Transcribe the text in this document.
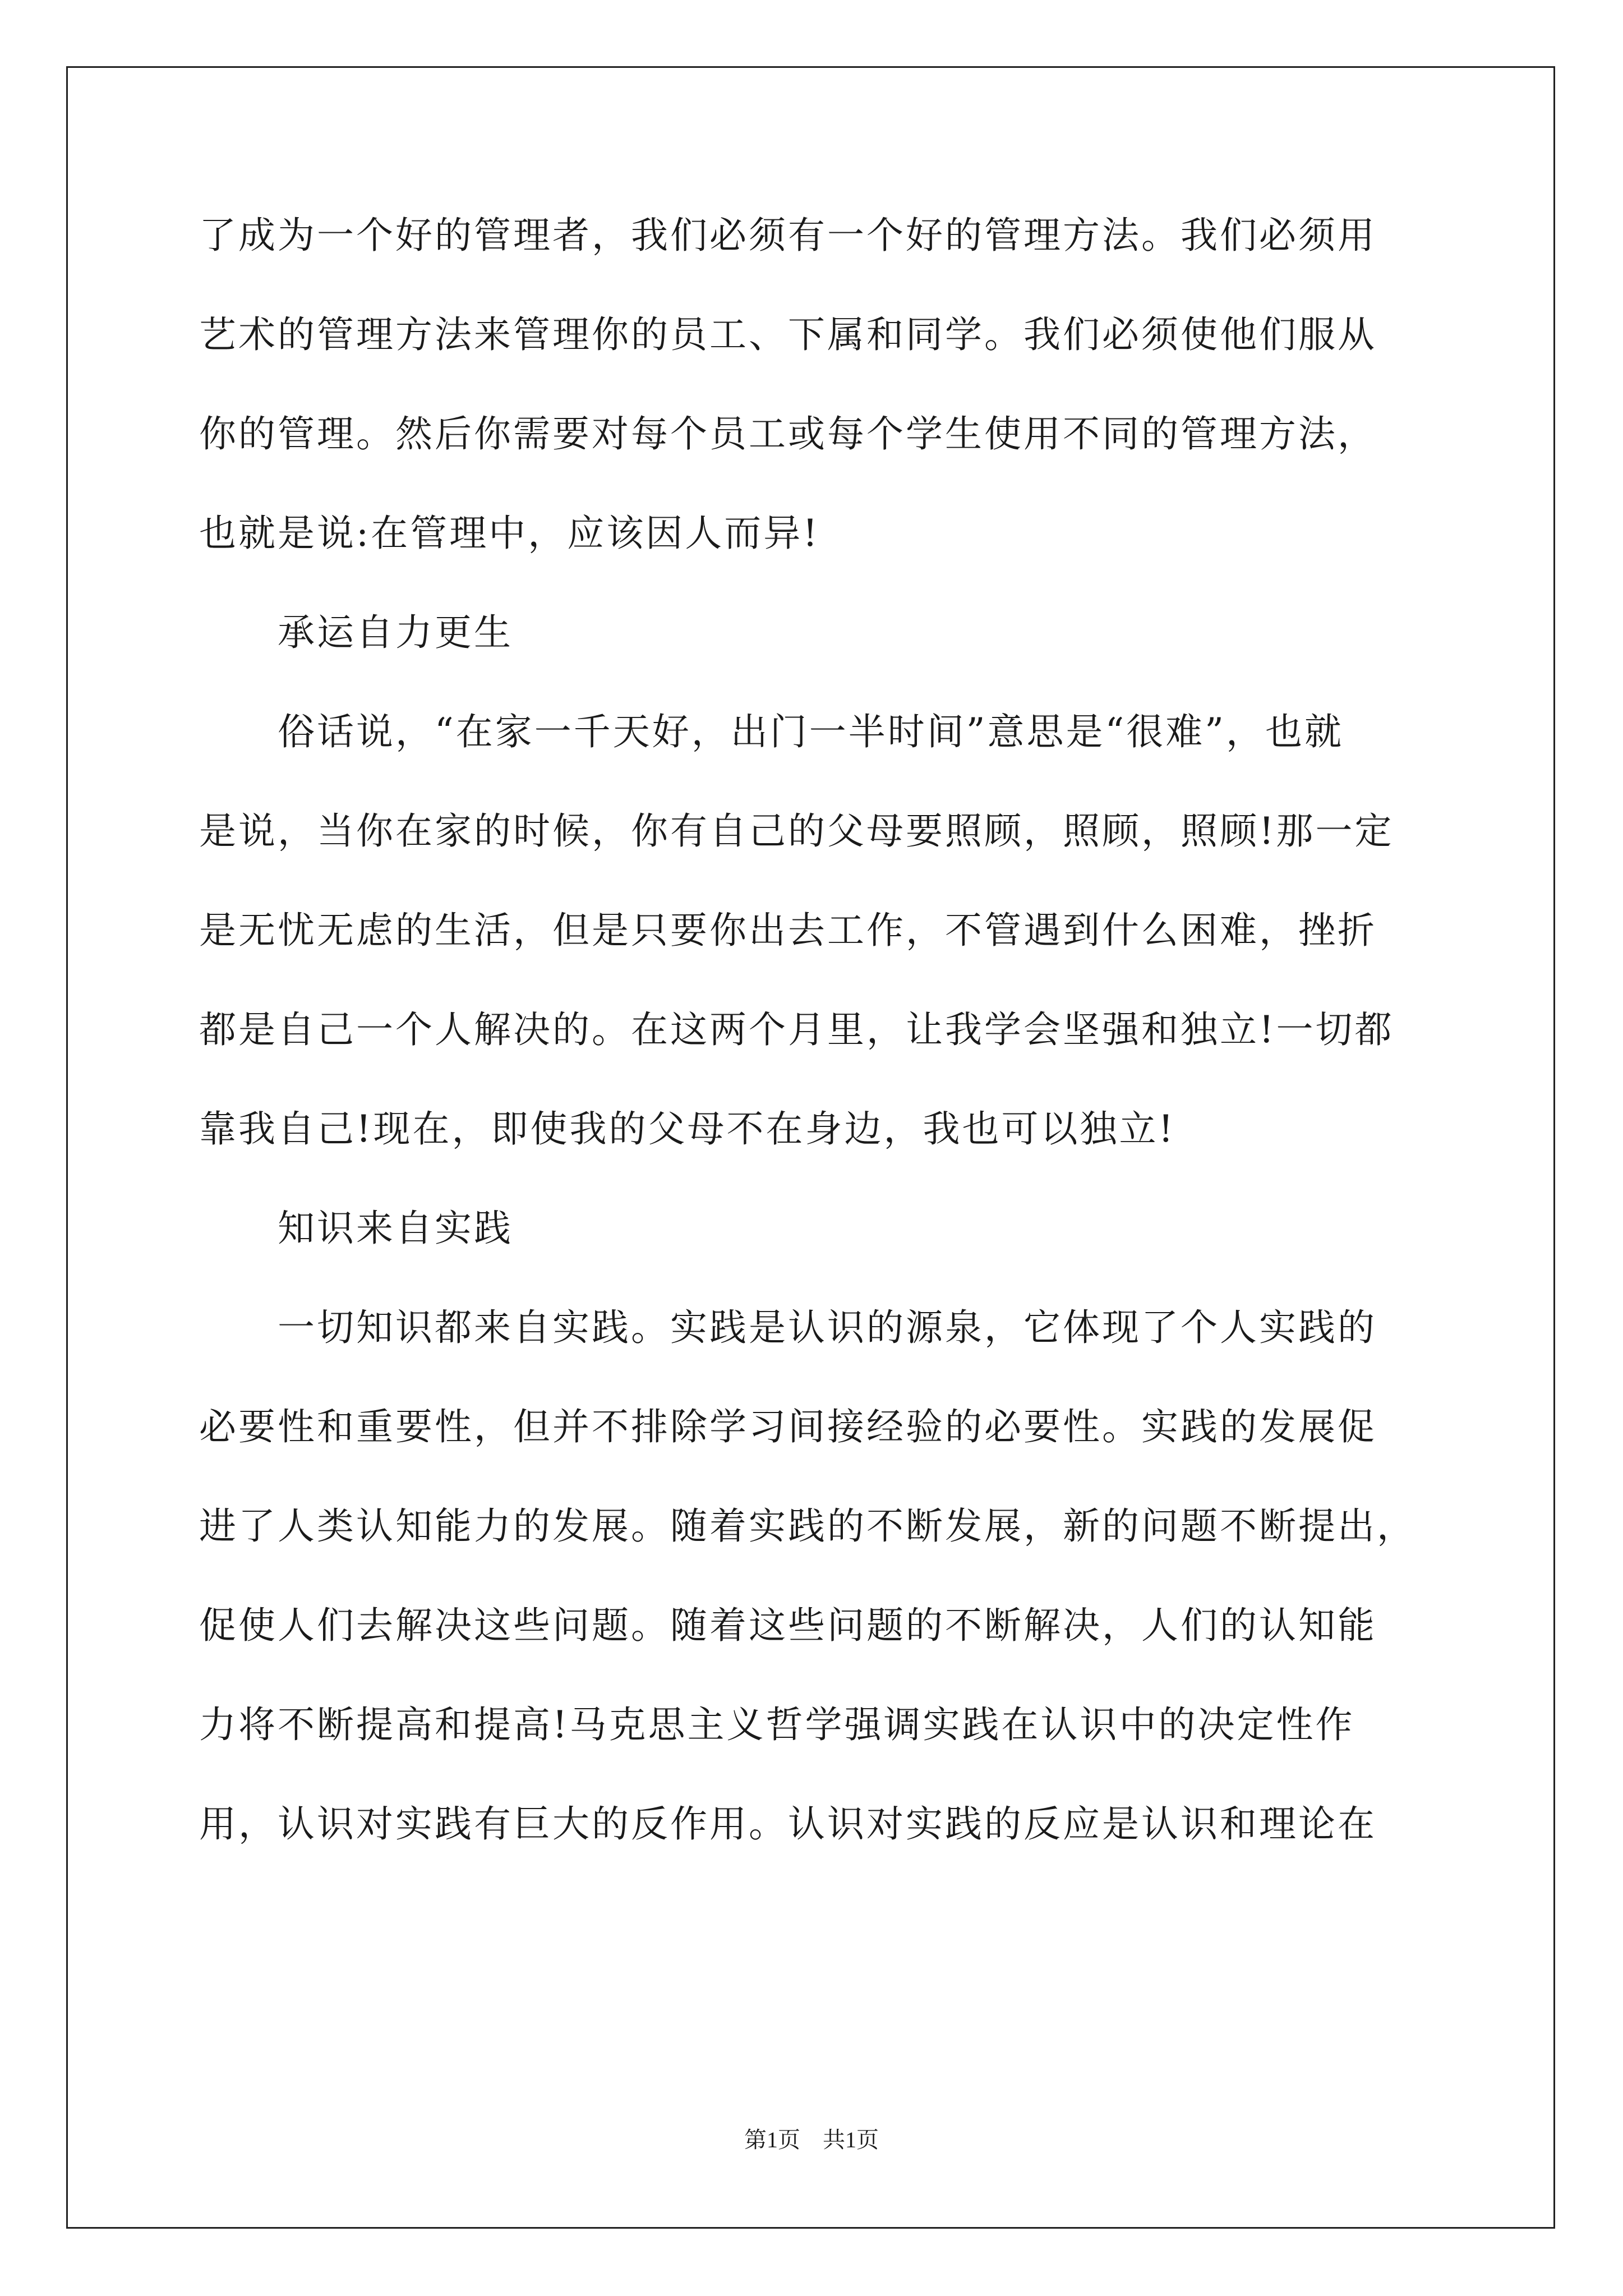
了成为一个好的管理者，我们必须有一个好的管理方法。我们必须用

艺术的管理方法来管理你的员工、下属和同学。我们必须使他们服从

你的管理。然后你需要对每个员工或每个学生使用不同的管理方法，

也就是说:在管理中，应该因人而异!

　　承运自力更生

　　俗话说，“在家一千天好，出门一半时间”意思是“很难”，也就

是说，当你在家的时候，你有自己的父母要照顾，照顾，照顾!那一定

是无忧无虑的生活，但是只要你出去工作，不管遇到什么困难，挫折

都是自己一个人解决的。在这两个月里，让我学会坚强和独立!一切都

靠我自己!现在，即使我的父母不在身边，我也可以独立!

　　知识来自实践

　　一切知识都来自实践。实践是认识的源泉，它体现了个人实践的

必要性和重要性，但并不排除学习间接经验的必要性。实践的发展促

进了人类认知能力的发展。随着实践的不断发展，新的问题不断提出，

促使人们去解决这些问题。随着这些问题的不断解决，人们的认知能

力将不断提高和提高!马克思主义哲学强调实践在认识中的决定性作

用，认识对实践有巨大的反作用。认识对实践的反应是认识和理论在

第1页　共1页
